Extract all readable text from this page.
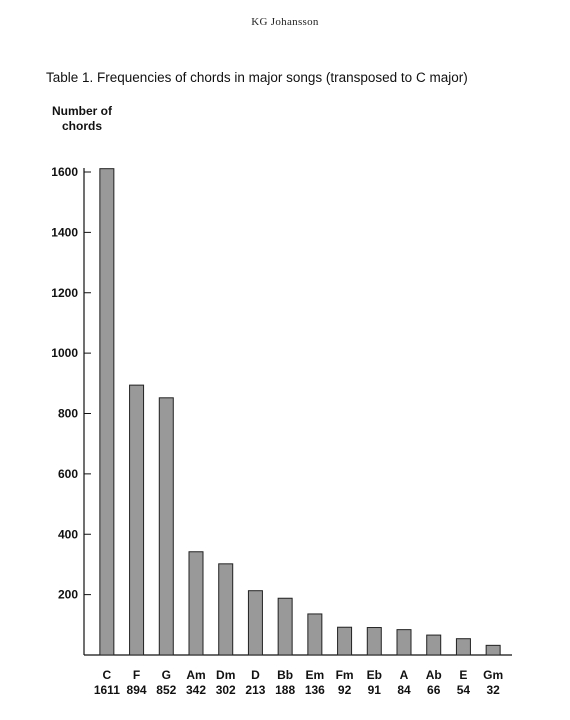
KG Johansson
Table 1. Frequencies of chords in major songs (transposed to C major)
Number of chords
200
400
600
800
1000
1200
1400
1600
C
1611
F
894
G
852
Am
342
Dm
302
D
213
Bb
188
Em
136
Fm
92
Eb
91
A
84
Ab
66
E
54
Gm
32
